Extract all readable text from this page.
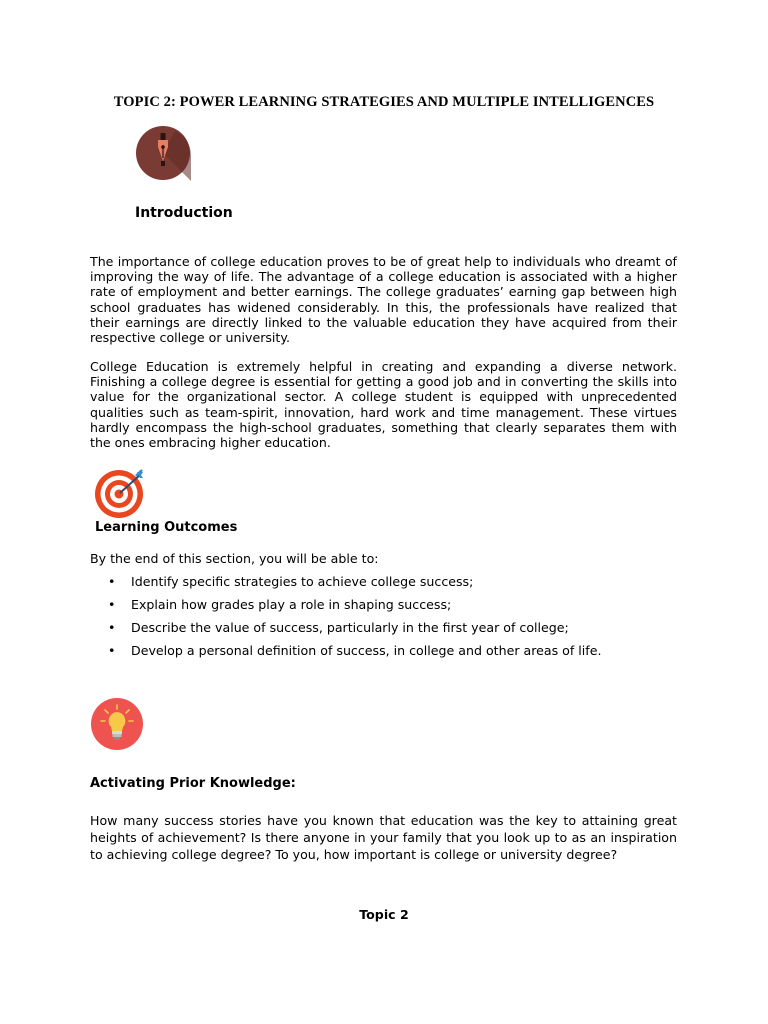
TOPIC 2: POWER LEARNING STRATEGIES AND MULTIPLE INTELLIGENCES
Introduction

The importance of college education proves to be of great help to individuals who dreamt of improving the way of life. The advantage of a college education is associated with a higher rate of employment and better earnings. The college graduates’ earning gap between high school graduates has widened considerably. In this, the professionals have realized that their earnings are directly linked to the valuable education they have acquired from their respective college or university.

College Education is extremely helpful in creating and expanding a diverse network. Finishing a college degree is essential for getting a good job and in converting the skills into value for the organizational sector. A college student is equipped with unprecedented qualities such as team-spirit, innovation, hard work and time management. These virtues hardly encompass the high-school graduates, something that clearly separates them with the ones embracing higher education.

Learning Outcomes

By the end of this section, you will be able to:

• Identify specific strategies to achieve college success;
• Explain how grades play a role in shaping success;
• Describe the value of success, particularly in the first year of college;
• Develop a personal definition of success, in college and other areas of life.
Activating Prior Knowledge:

How many success stories have you known that education was the key to attaining great heights of achievement? Is there anyone in your family that you look up to as an inspiration to achieving college degree? To you, how important is college or university degree?

Topic 2
